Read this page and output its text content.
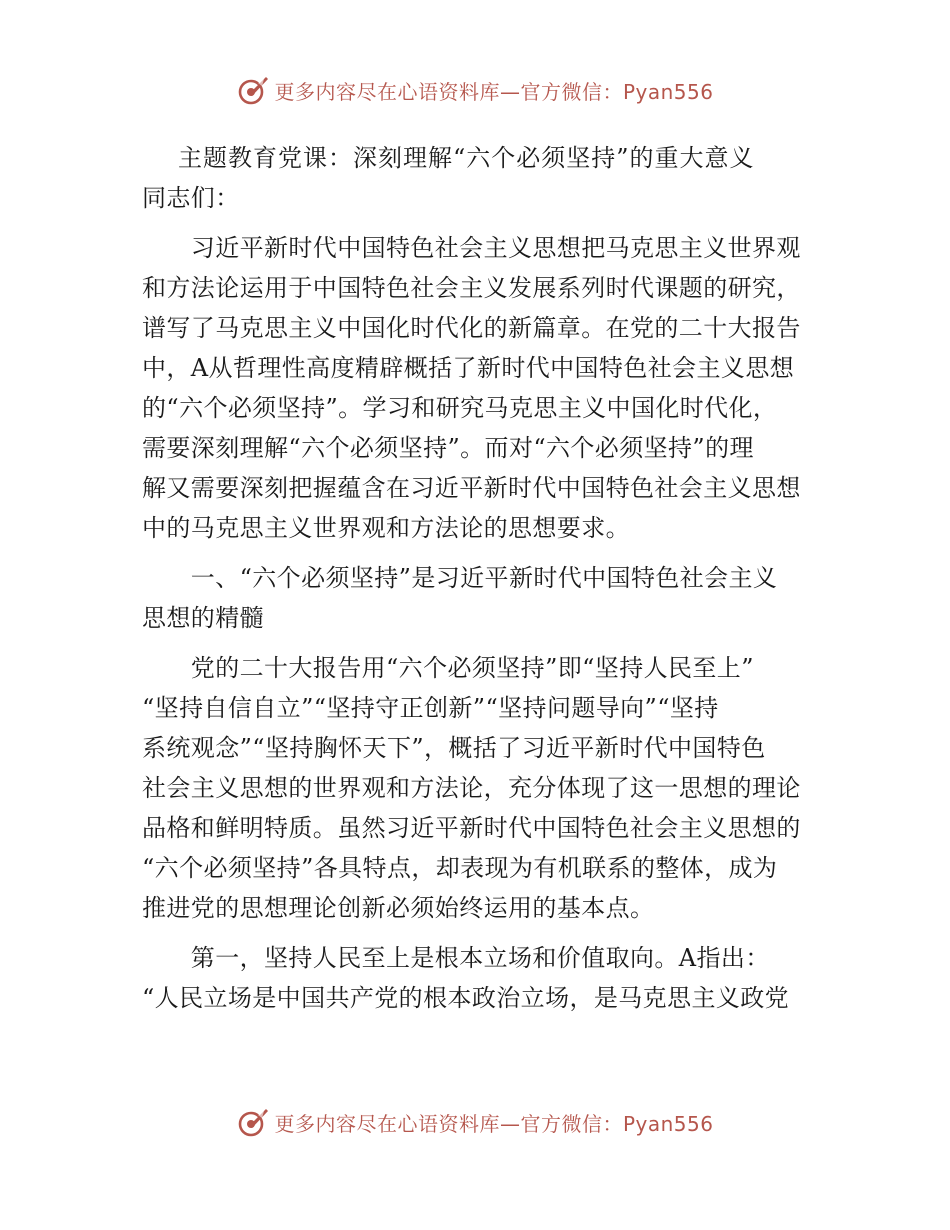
更多内容尽在心语资料库—官方微信：Pyan556
主题教育党课：深刻理解“六个必须坚持”的重大意义
同志们：
　　习近平新时代中国特色社会主义思想把马克思主义世界观
和方法论运用于中国特色社会主义发展系列时代课题的研究，
谱写了马克思主义中国化时代化的新篇章。在党的二十大报告
中，A从哲理性高度精辟概括了新时代中国特色社会主义思想
的“六个必须坚持”。学习和研究马克思主义中国化时代化，
需要深刻理解“六个必须坚持”。而对“六个必须坚持”的理
解又需要深刻把握蕴含在习近平新时代中国特色社会主义思想
中的马克思主义世界观和方法论的思想要求。
　　一、“六个必须坚持”是习近平新时代中国特色社会主义
思想的精髓
　　党的二十大报告用“六个必须坚持”即“坚持人民至上”
“坚持自信自立”“坚持守正创新”“坚持问题导向”“坚持
系统观念”“坚持胸怀天下”，概括了习近平新时代中国特色
社会主义思想的世界观和方法论，充分体现了这一思想的理论
品格和鲜明特质。虽然习近平新时代中国特色社会主义思想的
“六个必须坚持”各具特点，却表现为有机联系的整体，成为
推进党的思想理论创新必须始终运用的基本点。
　　第一，坚持人民至上是根本立场和价值取向。A指出：
“人民立场是中国共产党的根本政治立场，是马克思主义政党
更多内容尽在心语资料库—官方微信：Pyan556
